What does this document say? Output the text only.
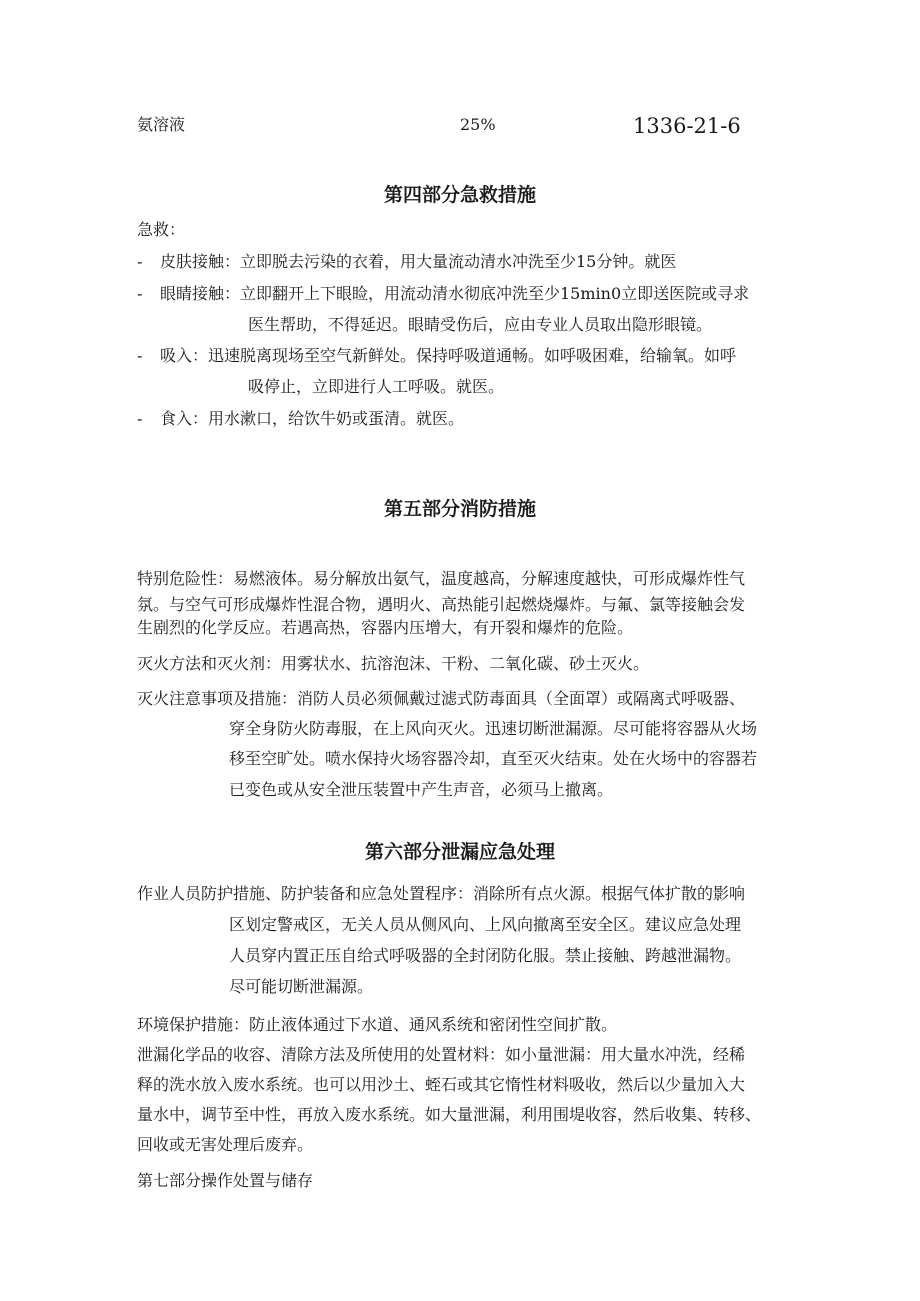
氨溶液	25%	1336-21-6
第四部分急救措施
急救：
- 皮肤接触：立即脱去污染的衣着，用大量流动清水冲洗至少15分钟。就医
- 眼睛接触：立即翻开上下眼睑，用流动清水彻底冲洗至少15min0立即送医院或寻求
医生帮助，不得延迟。眼睛受伤后，应由专业人员取出隐形眼镜。
- 吸入：迅速脱离现场至空气新鲜处。保持呼吸道通畅。如呼吸困难，给输氧。如呼
吸停止，立即进行人工呼吸。就医。
- 食入：用水漱口，给饮牛奶或蛋清。就医。
第五部分消防措施
特别危险性：易燃液体。易分解放出氨气，温度越高，分解速度越快，可形成爆炸性气
氛。与空气可形成爆炸性混合物，遇明火、高热能引起燃烧爆炸。与氟、氯等接触会发
生剧烈的化学反应。若遇高热，容器内压增大，有开裂和爆炸的危险。
灭火方法和灭火剂：用雾状水、抗溶泡沫、干粉、二氧化碳、砂土灭火。
灭火注意事项及措施：消防人员必须佩戴过滤式防毒面具（全面罩）或隔离式呼吸器、
穿全身防火防毒服，在上风向灭火。迅速切断泄漏源。尽可能将容器从火场
移至空旷处。喷水保持火场容器冷却，直至灭火结束。处在火场中的容器若
已变色或从安全泄压装置中产生声音，必须马上撤离。
第六部分泄漏应急处理
作业人员防护措施、防护装备和应急处置程序：消除所有点火源。根据气体扩散的影响
区划定警戒区，无关人员从侧风向、上风向撤离至安全区。建议应急处理
人员穿内置正压自给式呼吸器的全封闭防化服。禁止接触、跨越泄漏物。
尽可能切断泄漏源。
环境保护措施：防止液体通过下水道、通风系统和密闭性空间扩散。
泄漏化学品的收容、清除方法及所使用的处置材料：如小量泄漏：用大量水冲洗，经稀
释的洗水放入废水系统。也可以用沙土、蛭石或其它惰性材料吸收，然后以少量加入大
量水中，调节至中性，再放入废水系统。如大量泄漏，利用围堤收容，然后收集、转移、
回收或无害处理后废弃。
第七部分操作处置与储存
